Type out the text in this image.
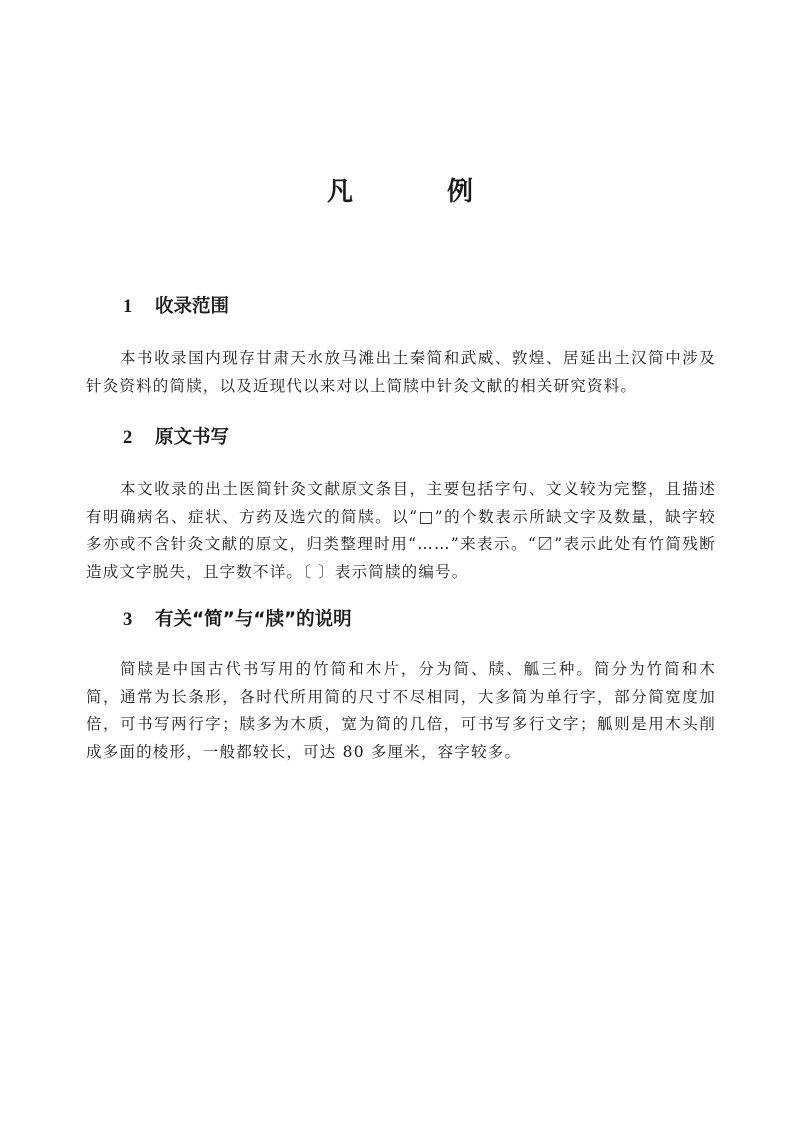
凡　例
1 收录范围

本书收录国内现存甘肃天水放马滩出土秦简和武威、敦煌、居延出土汉简中涉及针灸资料的简牍，以及近现代以来对以上简牍中针灸文献的相关研究资料。

2 原文书写

本文收录的出土医简针灸文献原文条目，主要包括字句、文义较为完整，且描述有明确病名、症状、方药及选穴的简牍。以“□”的个数表示所缺文字及数量，缺字较多亦或不含针灸文献的原文，归类整理时用“……”来表示。“〼”表示此处有竹简残断造成文字脱失，且字数不详。〔 〕表示简牍的编号。

3 有关“简”与“牍”的说明

简牍是中国古代书写用的竹简和木片，分为简、牍、觚三种。简分为竹简和木简，通常为长条形，各时代所用简的尺寸不尽相同，大多简为单行字，部分简宽度加倍，可书写两行字；牍多为木质，宽为简的几倍，可书写多行文字；觚则是用木头削成多面的棱形，一般都较长，可达 80 多厘米，容字较多。
